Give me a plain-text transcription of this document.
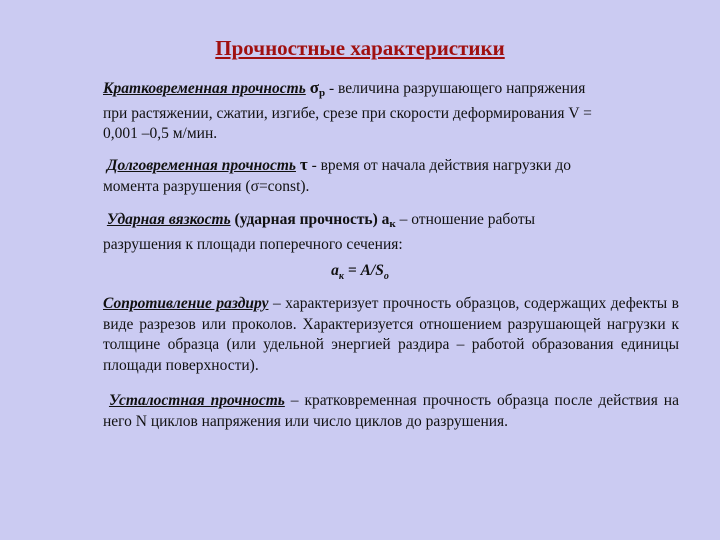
Прочностные характеристики
Кратковременная прочность $\sigma_р$ - величина разрушающего напряжения
при растяжении, сжатии, изгибе, срезе при скорости деформирования V =
0,001 –0,5 м/мин.
Долговременная прочность τ - время от начала действия нагрузки до
момента разрушения (σ=const).
Ударная вязкость (ударная прочность) $a_к$ – отношение работы
разрушения к площади поперечного сечения:
$a_к = A/S_о$
Сопротивление раздиру – характеризует прочность образцов, содержащих дефекты в виде разрезов или проколов. Характеризуется отношением разрушающей нагрузки к толщине образца (или удельной энергией раздира – работой образования единицы площади поверхности).
Усталостная прочность – кратковременная прочность образца после действия на него N циклов напряжения или число циклов до разрушения.
